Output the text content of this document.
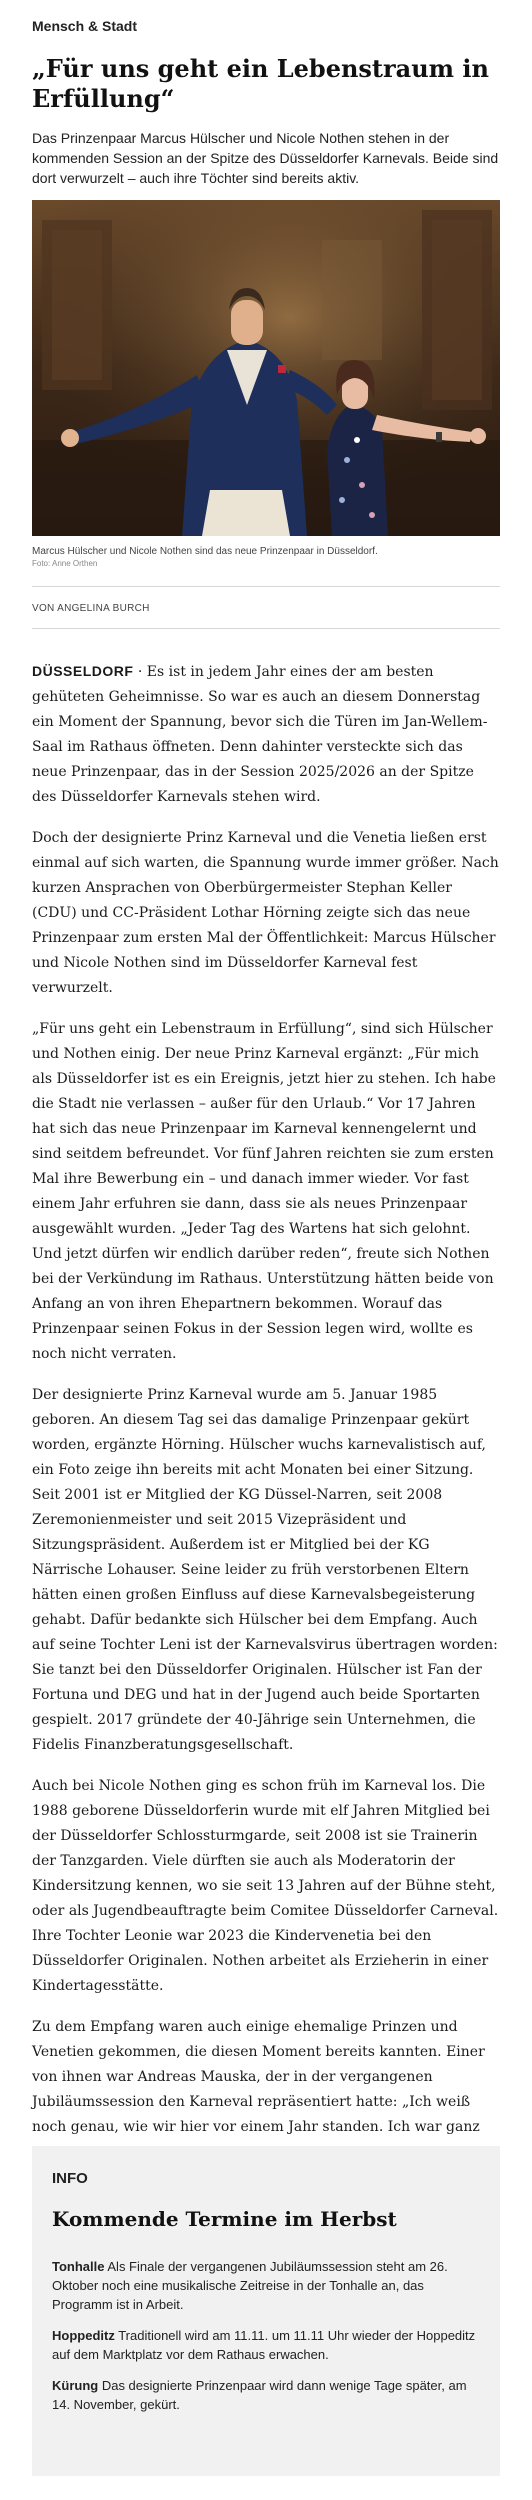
Mensch & Stadt
„Für uns geht ein Lebenstraum in Erfüllung“

Das Prinzenpaar Marcus Hülscher und Nicole Nothen stehen in der kommenden Session an der Spitze des Düsseldorfer Karnevals. Beide sind dort verwurzelt – auch ihre Töchter sind bereits aktiv.

Marcus Hülscher und Nicole Nothen sind das neue Prinzenpaar in Düsseldorf.
Foto: Anne Orthen
VON ANGELINA BURCH

DÜSSELDORF · Es ist in jedem Jahr eines der am besten gehüteten Geheimnisse. So war es auch an diesem Donnerstag ein Moment der Spannung, bevor sich die Türen im Jan-Wellem-Saal im Rathaus öffneten. Denn dahinter versteckte sich das neue Prinzenpaar, das in der Session 2025/2026 an der Spitze des Düsseldorfer Karnevals stehen wird.

Doch der designierte Prinz Karneval und die Venetia ließen erst einmal auf sich warten, die Spannung wurde immer größer. Nach kurzen Ansprachen von Oberbürgermeister Stephan Keller (CDU) und CC-Präsident Lothar Hörning zeigte sich das neue Prinzenpaar zum ersten Mal der Öffentlichkeit: Marcus Hülscher und Nicole Nothen sind im Düsseldorfer Karneval fest verwurzelt.

„Für uns geht ein Lebenstraum in Erfüllung“, sind sich Hülscher und Nothen einig. Der neue Prinz Karneval ergänzt: „Für mich als Düsseldorfer ist es ein Ereignis, jetzt hier zu stehen. Ich habe die Stadt nie verlassen – außer für den Urlaub.“ Vor 17 Jahren hat sich das neue Prinzenpaar im Karneval kennengelernt und sind seitdem befreundet. Vor fünf Jahren reichten sie zum ersten Mal ihre Bewerbung ein – und danach immer wieder. Vor fast einem Jahr erfuhren sie dann, dass sie als neues Prinzenpaar ausgewählt wurden. „Jeder Tag des Wartens hat sich gelohnt. Und jetzt dürfen wir endlich darüber reden“, freute sich Nothen bei der Verkündung im Rathaus. Unterstützung hätten beide von Anfang an von ihren Ehepartnern bekommen. Worauf das Prinzenpaar seinen Fokus in der Session legen wird, wollte es noch nicht verraten.

Der designierte Prinz Karneval wurde am 5. Januar 1985 geboren. An diesem Tag sei das damalige Prinzenpaar gekürt worden, ergänzte Hörning. Hülscher wuchs karnevalistisch auf, ein Foto zeige ihn bereits mit acht Monaten bei einer Sitzung. Seit 2001 ist er Mitglied der KG Düssel-Narren, seit 2008 Zeremonienmeister und seit 2015 Vizepräsident und Sitzungspräsident. Außerdem ist er Mitglied bei der KG Närrische Lohauser. Seine leider zu früh verstorbenen Eltern hätten einen großen Einfluss auf diese Karnevalsbegeisterung gehabt. Dafür bedankte sich Hülscher bei dem Empfang. Auch auf seine Tochter Leni ist der Karnevalsvirus übertragen worden: Sie tanzt bei den Düsseldorfer Originalen. Hülscher ist Fan der Fortuna und DEG und hat in der Jugend auch beide Sportarten gespielt. 2017 gründete der 40-Jährige sein Unternehmen, die Fidelis Finanzberatungsgesellschaft.

Auch bei Nicole Nothen ging es schon früh im Karneval los. Die 1988 geborene Düsseldorferin wurde mit elf Jahren Mitglied bei der Düsseldorfer Schlossturmgarde, seit 2008 ist sie Trainerin der Tanzgarden. Viele dürften sie auch als Moderatorin der Kindersitzung kennen, wo sie seit 13 Jahren auf der Bühne steht, oder als Jugendbeauftragte beim Comitee Düsseldorfer Carneval. Ihre Tochter Leonie war 2023 die Kindervenetia bei den Düsseldorfer Originalen. Nothen arbeitet als Erzieherin in einer Kindertagesstätte.

Zu dem Empfang waren auch einige ehemalige Prinzen und Venetien gekommen, die diesen Moment bereits kannten. Einer von ihnen war Andreas Mauska, der in der vergangenen Jubiläumssession den Karneval repräsentiert hatte: „Ich weiß noch genau, wie wir hier vor einem Jahr standen. Ich war ganz

INFO
Kommende Termine im Herbst
Tonhalle Als Finale der vergangenen Jubiläumssession steht am 26. Oktober noch eine musikalische Zeitreise in der Tonhalle an, das Programm ist in Arbeit.
Hoppeditz Traditionell wird am 11.11. um 11.11 Uhr wieder der Hoppeditz auf dem Marktplatz vor dem Rathaus erwachen.
Kürung Das designierte Prinzenpaar wird dann wenige Tage später, am 14. November, gekürt.
